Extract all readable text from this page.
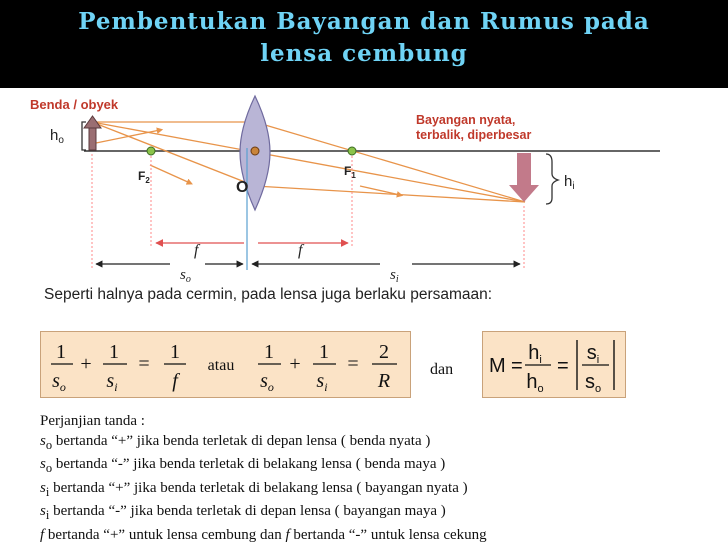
Pembentukan Bayangan dan Rumus pada
lensa cembung
Benda / obyek
$h_o$
Bayangan nyata,
terbalik, diperbesar
$h_i$
$F_2$
$F_1$
O
f	f
$s_o$	$s_i$
Seperti halnya pada cermin, pada lensa juga berlaku persamaan:
1
$s_o$
+
1
$s_i$
=
1
f
atau
1
$s_o$
+
1
$s_i$
=
2
R
dan M =
$h_i$
$h_o$
=
$s_i$
$s_o$
Perjanjian tanda :
$s_o$ bertanda “+” jika benda terletak di depan lensa ( benda nyata )
$s_o$ bertanda “-” jika benda terletak di belakang lensa ( benda maya )
$s_i$ bertanda “+” jika benda terletak di belakang lensa ( bayangan nyata )
$s_i$ bertanda “-” jika benda terletak di depan lensa ( bayangan maya )
f bertanda “+” untuk lensa cembung dan f bertanda “-” untuk lensa cekung
